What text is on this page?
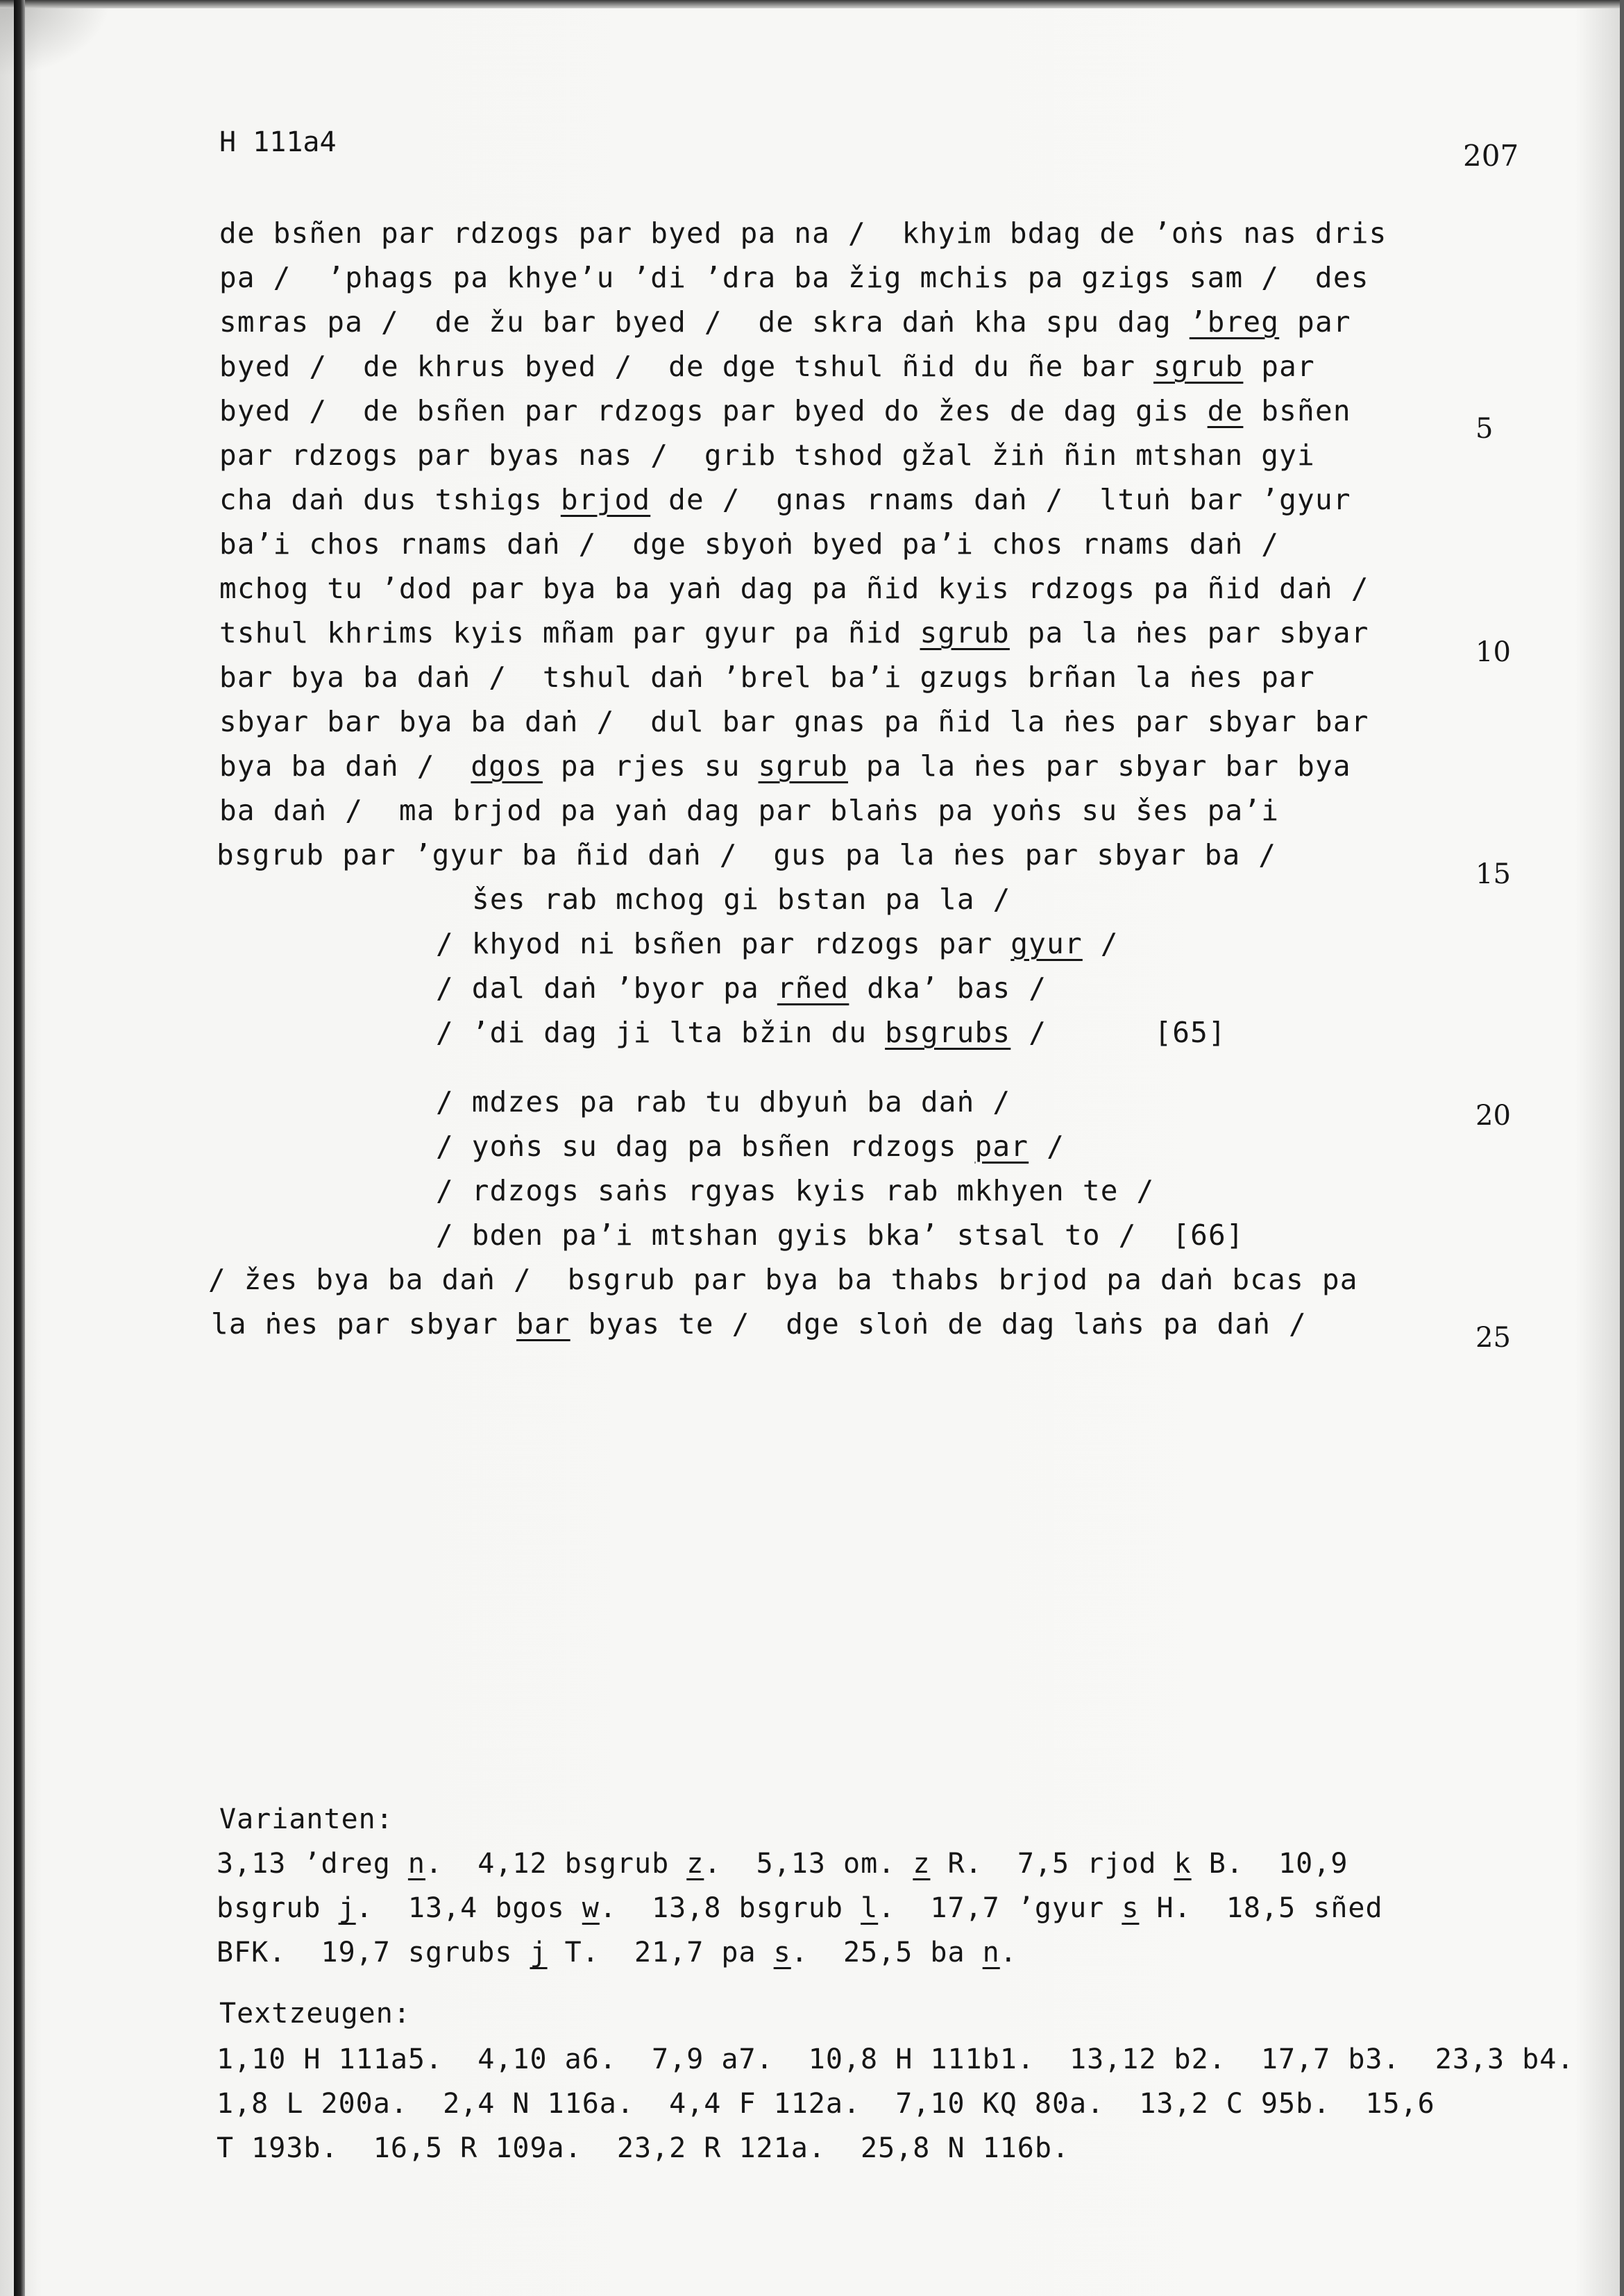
H 111a4	207
de bsñen par rdzogs par byed pa na /  khyim bdag de ’oṅs nas dris
pa /  ’phags pa khye’u ’di ’dra ba žig mchis pa gzigs sam /  des
smras pa /  de žu bar byed /  de skra daṅ kha spu dag ’breg par
byed /  de khrus byed /  de dge tshul ñid du ñe bar sgrub par
byed /  de bsñen par rdzogs par byed do žes de dag gis de bsñen
par rdzogs par byas nas /  grib tshod gžal žiṅ ñin mtshan gyi
cha daṅ dus tshigs brjod de /  gnas rnams daṅ /  ltuṅ bar ’gyur
ba’i chos rnams daṅ /  dge sbyoṅ byed pa’i chos rnams daṅ /
mchog tu ’dod par bya ba yaṅ dag pa ñid kyis rdzogs pa ñid daṅ /
tshul khrims kyis mñam par gyur pa ñid sgrub pa la ṅes par sbyar
bar bya ba daṅ /  tshul daṅ ’brel ba’i gzugs brñan la ṅes par
sbyar bar bya ba daṅ /  dul bar gnas pa ñid la ṅes par sbyar bar
bya ba daṅ /  dgos pa rjes su sgrub pa la ṅes par sbyar bar bya
ba daṅ /  ma brjod pa yaṅ dag par blaṅs pa yoṅs su šes pa’i
bsgrub par ’gyur ba ñid daṅ /  gus pa la ṅes par sbyar ba /
šes rab mchog gi bstan pa la /
/ khyod ni bsñen par rdzogs par gyur /
/ dal daṅ ’byor pa rñed dka’ bas /
/ ’di dag ji lta bžin du bsgrubs /      [65]
/ mdzes pa rab tu dbyuṅ ba daṅ /
/ yoṅs su dag pa bsñen rdzogs par /
/ rdzogs saṅs rgyas kyis rab mkhyen te /
/ bden pa’i mtshan gyis bka’ stsal to /  [66]
/ žes bya ba daṅ /  bsgrub par bya ba thabs brjod pa daṅ bcas pa
la ṅes par sbyar bar byas te /  dge sloṅ de dag laṅs pa daṅ /
5
10
15
20
25
Varianten:
3,13 ’dreg n.  4,12 bsgrub z.  5,13 om. z R.  7,5 rjod k B.  10,9
bsgrub j.  13,4 bgos w.  13,8 bsgrub l.  17,7 ’gyur s H.  18,5 sñed
BFK.  19,7 sgrubs j T.  21,7 pa s.  25,5 ba n.
Textzeugen:
1,10 H 111a5.  4,10 a6.  7,9 a7.  10,8 H 111b1.  13,12 b2.  17,7 b3.  23,3 b4.
1,8 L 200a.  2,4 N 116a.  4,4 F 112a.  7,10 KQ 80a.  13,2 C 95b.  15,6
T 193b.  16,5 R 109a.  23,2 R 121a.  25,8 N 116b.
